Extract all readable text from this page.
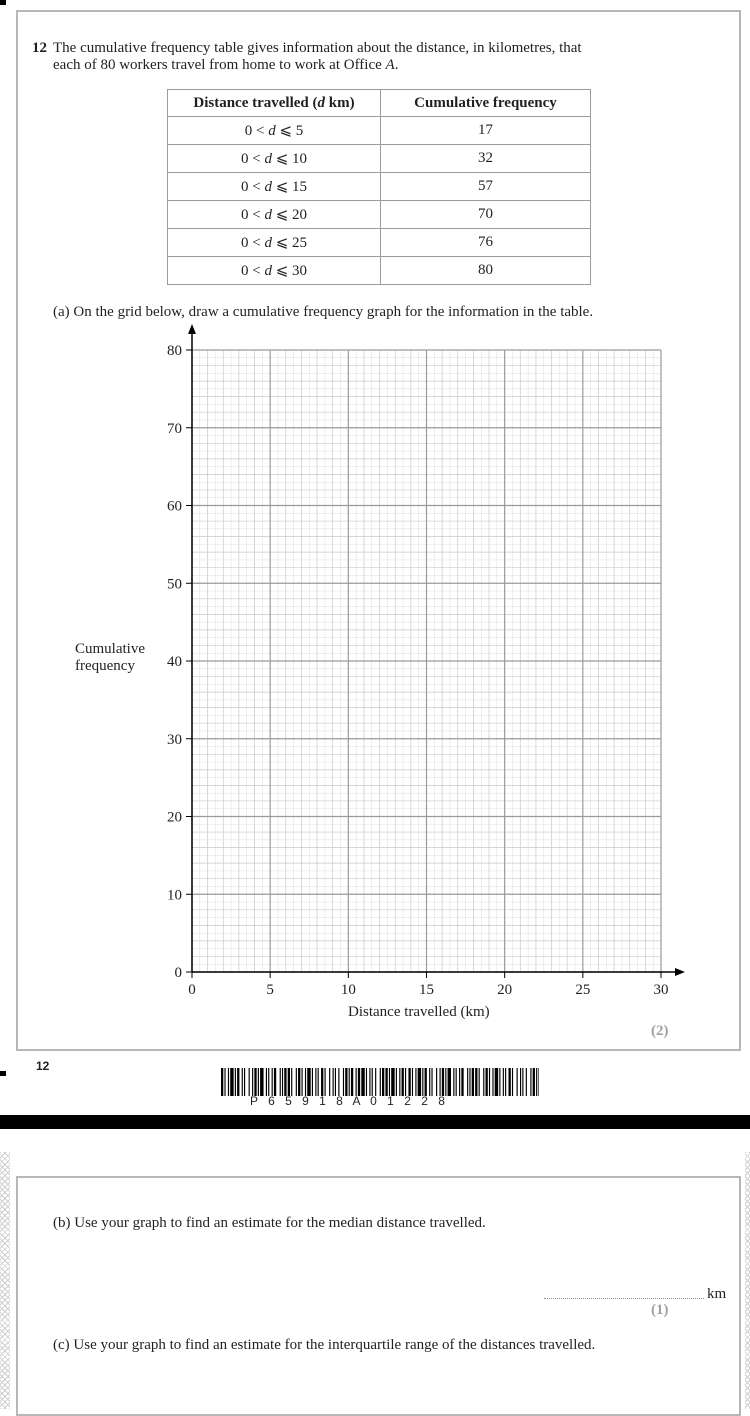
12 The cumulative frequency table gives information about the distance, in kilometres, that
each of 80 workers travel from home to work at Office A.
Distance travelled (d km)	Cumulative frequency
0 < d ⩽ 5	17
0 < d ⩽ 10	32
0 < d ⩽ 15	57
0 < d ⩽ 20	70
0 < d ⩽ 25	76
0 < d ⩽ 30	80
(a) On the grid below, draw a cumulative frequency graph for the information in the table.
Cumulative
frequency
0
10
20
30
40
50
60
70
80
0	5	10	15	20	25	30
Distance travelled (km)
(2)
12
P 6 5 9 1 8 A 0 1 2 2 8
(b) Use your graph to find an estimate for the median distance travelled.
km
(1)
(c) Use your graph to find an estimate for the interquartile range of the distances travelled.
